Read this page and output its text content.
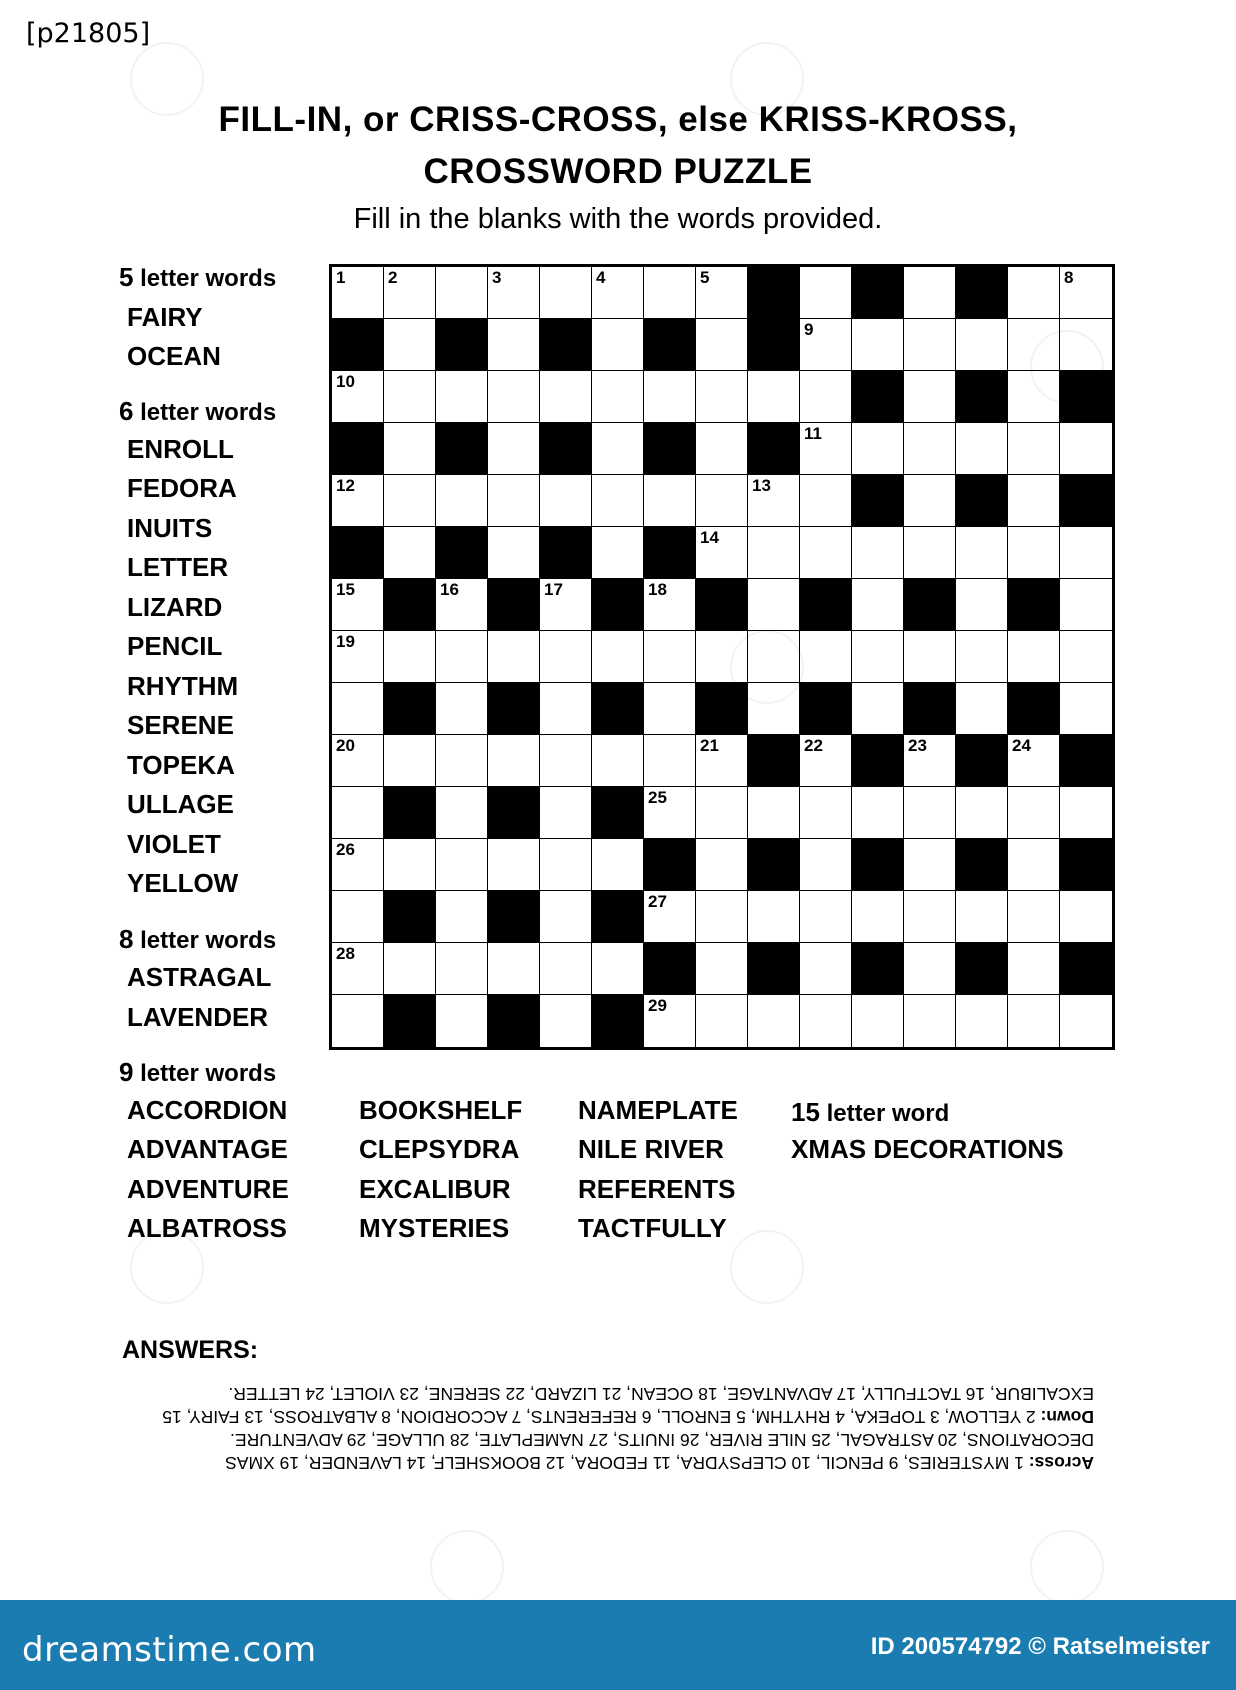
[p21805]
FILL-IN, or CRISS-CROSS, else KRISS-KROSS,
CROSSWORD PUZZLE
Fill in the blanks with the words provided.
5 letter words
FAIRY
OCEAN
6 letter words
ENROLL
FEDORA
INUITS
LETTER
LIZARD
PENCIL
RHYTHM
SERENE
TOPEKA
ULLAGE
VIOLET
YELLOW
8 letter words
ASTRAGAL
LAVENDER
9 letter words
ACCORDION
ADVANTAGE
ADVENTURE
ALBATROSS
BOOKSHELF
CLEPSYDRA
EXCALIBUR
MYSTERIES
NAMEPLATE
NILE RIVER
REFERENTS
TACTFULLY
15 letter word
XMAS DECORATIONS
1	2	3	4	5	8
9
10
11
12	13
14
15	16	17	18
19
20	21	22	23	24
25
26
27
28
29
ANSWERS:
Across: 1 MYSTERIES, 9 PENCIL, 10 CLEPSYDRA, 11 FEDORA, 12 BOOKSHELF, 14 LAVENDER, 19 XMAS DECORATIONS, 20 ASTRAGAL, 25 NILE RIVER, 26 INUITS, 27 NAMEPLATE, 28 ULLAGE, 29 ADVENTURE.
Down: 2 YELLOW, 3 TOPEKA, 4 RHYTHM, 5 ENROLL, 6 REFERENTS, 7 ACCORDION, 8 ALBATROSS, 13 FAIRY, 15 EXCALIBUR, 16 TACTFULLY, 17 ADVANTAGE, 18 OCEAN, 21 LIZARD, 22 SERENE, 23 VIOLET, 24 LETTER.
dreamstime.com	ID 200574792 © Ratselmeister
